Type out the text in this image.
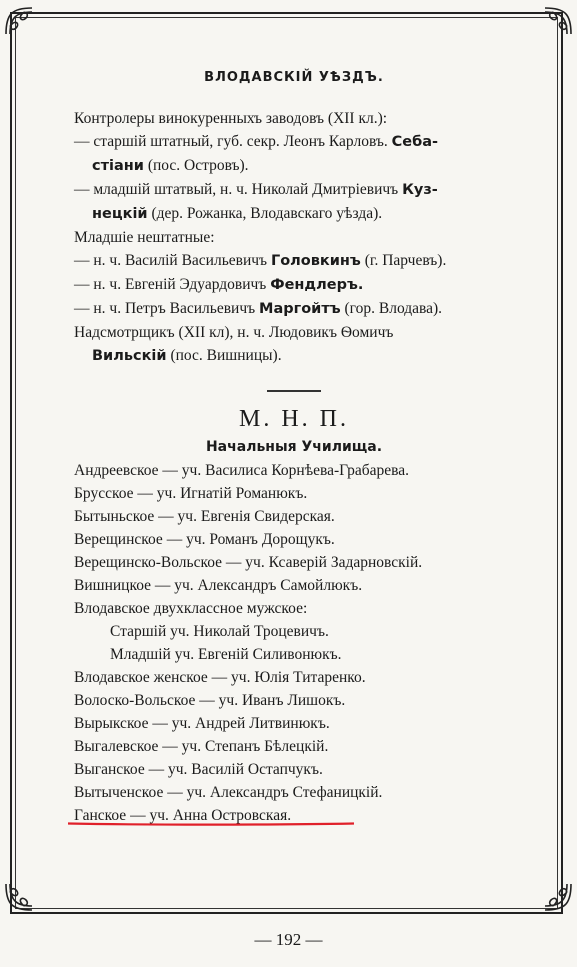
ВЛОДАВСКIЙ УѢЗДЪ.
Контролеры винокуренныхъ заводовъ (XII кл.):
— старшій штатный, губ. секр. Леонъ Карловъ. Себа-
стiани (пос. Островъ).
— младшій штатвый, н. ч. Николай Дмитріевичъ Куз-
нецкій (дер. Рожанка, Влодавскаго уѣзда).
Младшіе нештатные:
— н. ч. Василій Васильевичъ Головкинъ (г. Парчевъ).
— н. ч. Евгеній Эдуардовичъ Фендлеръ.
— н. ч. Петръ Васильевичъ Маргойтъ (гор. Влодава).
Надсмотрщикъ (XII кл), н. ч. Людовикъ Ѳомичъ
Вильскій (пос. Вишницы).
М. Н. П.
Начальныя Училища.
Андреевское — уч. Василиса Корнѣева-Грабарева.
Брусское — уч. Игнатій Романюкъ.
Бытыньское — уч. Евгенія Свидерская.
Верещинское — уч. Романъ Дорощукъ.
Верещинско-Вольское — уч. Ксаверій Задарновскій.
Вишницкое — уч. Александръ Самойлюкъ.
Влодавское двухклассное мужское:
Старшій уч. Николай Троцевичъ.
Младшій уч. Евгеній Силивонюкъ.
Влодавское женское — уч. Юлія Титаренко.
Волоско-Вольское — уч. Иванъ Лишокъ.
Вырыкское — уч. Андрей Литвинюкъ.
Выгалевское — уч. Степанъ Бѣлецкій.
Выганское — уч. Василій Остапчукъ.
Вытыченское — уч. Александръ Стефаницкій.
Ганское — уч. Анна Островская.
— 192 —
